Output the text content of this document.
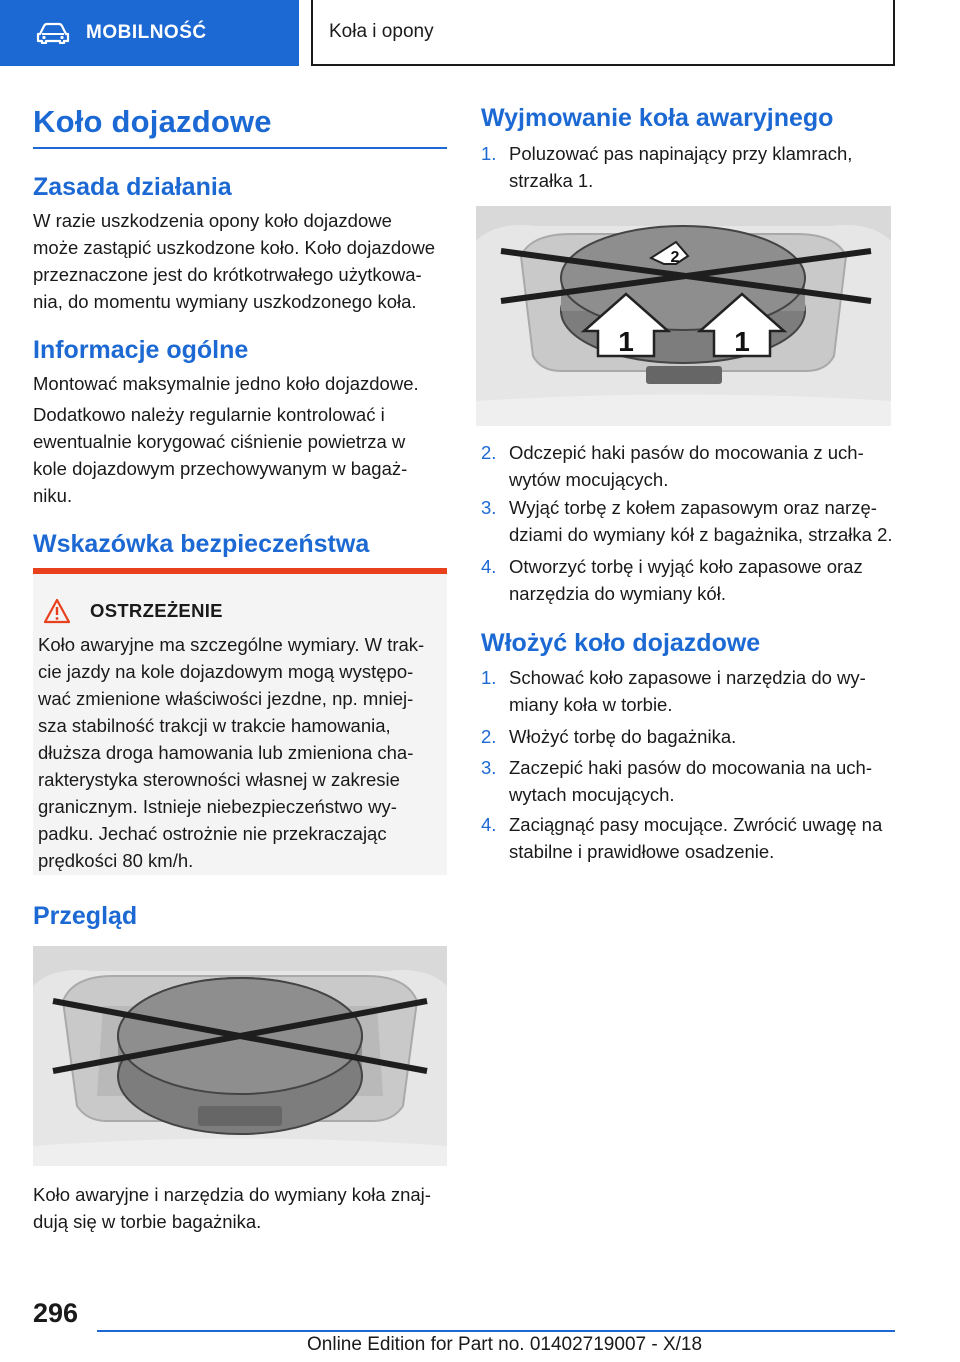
MOBILNOŚĆ	Koła i opony
Koło dojazdowe
Zasada działania
W razie uszkodzenia opony koło dojazdowe
może zastąpić uszkodzone koło. Koło dojazdowe
przeznaczone jest do krótkotrwałego użytkowa-
nia, do momentu wymiany uszkodzonego koła.
Informacje ogólne
Montować maksymalnie jedno koło dojazdowe.
Dodatkowo należy regularnie kontrolować i
ewentualnie korygować ciśnienie powietrza w
kole dojazdowym przechowywanym w bagaż-
niku.
Wskazówka bezpieczeństwa
OSTRZEŻENIE
Koło awaryjne ma szczególne wymiary. W trak-
cie jazdy na kole dojazdowym mogą występo-
wać zmienione właściwości jezdne, np. mniej-
sza stabilność trakcji w trakcie hamowania,
dłuższa droga hamowania lub zmieniona cha-
rakterystyka sterowności własnej w zakresie
granicznym. Istnieje niebezpieczeństwo wy-
padku. Jechać ostrożnie nie przekraczając
prędkości 80 km/h.
Przegląd
Koło awaryjne i narzędzia do wymiany koła znaj-
dują się w torbie bagażnika.
Wyjmowanie koła awaryjnego
1. Poluzować pas napinający przy klamrach,
strzałka 1.
1	1
2
2. Odczepić haki pasów do mocowania z uch-
wytów mocujących.
3. Wyjąć torbę z kołem zapasowym oraz narzę-
dziami do wymiany kół z bagażnika, strzałka 2.
4. Otworzyć torbę i wyjąć koło zapasowe oraz
narzędzia do wymiany kół.
Włożyć koło dojazdowe
1. Schować koło zapasowe i narzędzia do wy-
miany koła w torbie.
2. Włożyć torbę do bagażnika.
3. Zaczepić haki pasów do mocowania na uch-
wytach mocujących.
4. Zaciągnąć pasy mocujące. Zwrócić uwagę na
stabilne i prawidłowe osadzenie.
296
Online Edition for Part no. 01402719007 - X/18
